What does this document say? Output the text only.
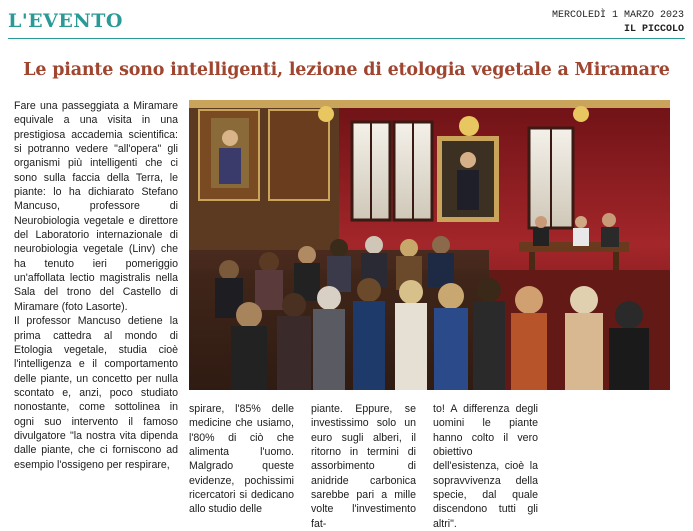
L'EVENTO	MERCOLEDÌ 1 MARZO 2023
IL PICCOLO
Le piante sono intelligenti, lezione di etologia vegetale a Miramare

Fare una passeggiata a Miramare equivale a una visita in una prestigiosa accademia scientifica: si potranno vedere "all'opera" gli organismi più intelligenti che ci sono sulla faccia della Terra, le piante: lo ha dichiarato Stefano Mancuso, professore di Neurobiologia vegetale e direttore del Laboratorio internazionale di neurobiologia vegetale (Linv) che ha tenuto ieri pomeriggio un'affollata lectio magistralis nella Sala del trono del Castello di Miramare (foto Lasorte).

Il professor Mancuso detiene la prima cattedra al mondo di Etologia vegetale, studia cioè l'intelligenza e il comportamento delle piante, un concetto per nulla scontato e, anzi, poco studiato nonostante, come sottolinea in ogni suo intervento il famoso divulgatore "la nostra vita dipenda dalle piante, che ci forniscono ad esempio l'ossigeno per respirare,

spirare, l'85% delle medicine che usiamo, l'80% di ciò che alimenta l'uomo. Malgrado queste evidenze, pochissimi ricercatori si dedicano allo studio delle
piante. Eppure, se investissimo solo un euro sugli alberi, il ritorno in termini di assorbimento di anidride carbonica sarebbe pari a mille volte l'investimento fat-
to! A differenza degli uomini le piante hanno colto il vero obiettivo dell'esistenza, cioè la sopravvivenza della specie, dal quale discendono tutti gli altri".
